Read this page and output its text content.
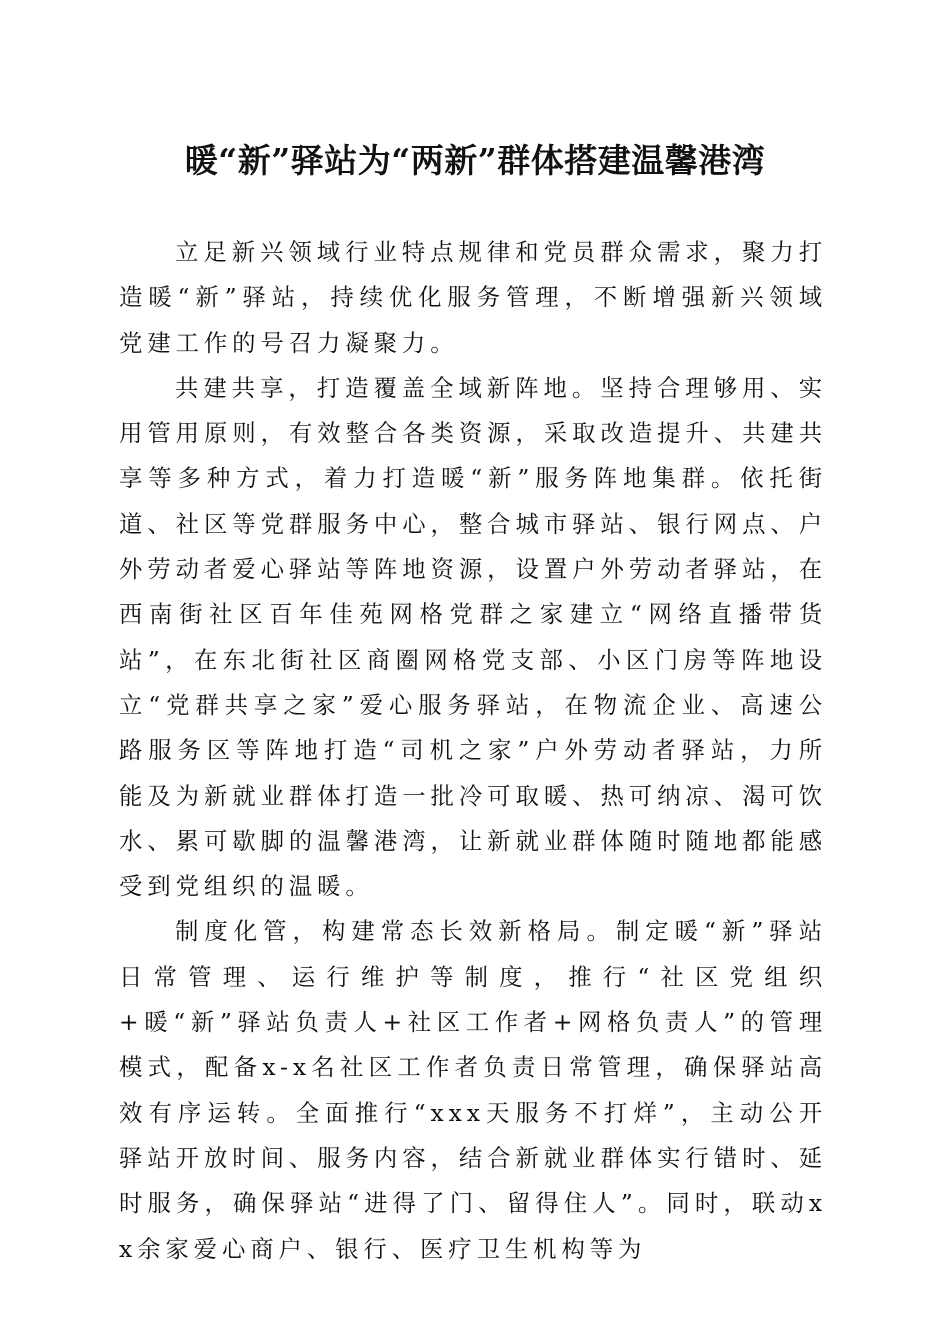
暖“新”驿站为“两新”群体搭建温馨港湾

立足新兴领域行业特点规律和党员群众需求，聚力打造暖“新”驿站，持续优化服务管理，不断增强新兴领域党建工作的号召力凝聚力。

共建共享，打造覆盖全域新阵地。坚持合理够用、实用管用原则，有效整合各类资源，采取改造提升、共建共享等多种方式，着力打造暖“新”服务阵地集群。依托街道、社区等党群服务中心，整合城市驿站、银行网点、户外劳动者爱心驿站等阵地资源，设置户外劳动者驿站，在西南街社区百年佳苑网格党群之家建立“网络直播带货站”，在东北街社区商圈网格党支部、小区门房等阵地设立“党群共享之家”爱心服务驿站，在物流企业、高速公路服务区等阵地打造“司机之家”户外劳动者驿站，力所能及为新就业群体打造一批冷可取暖、热可纳凉、渴可饮水、累可歇脚的温馨港湾，让新就业群体随时随地都能感受到党组织的温暖。

制度化管，构建常态长效新格局。制定暖“新”驿站日常管理、运行维护等制度，推行“社区党组织+暖“新”驿站负责人+社区工作者+网格负责人”的管理模式，配备x-x名社区工作者负责日常管理，确保驿站高效有序运转。全面推行“xxx天服务不打烊”，主动公开驿站开放时间、服务内容，结合新就业群体实行错时、延时服务，确保驿站“进得了门、留得住人”。同时，联动xx余家爱心商户、银行、医疗卫生机构等为
